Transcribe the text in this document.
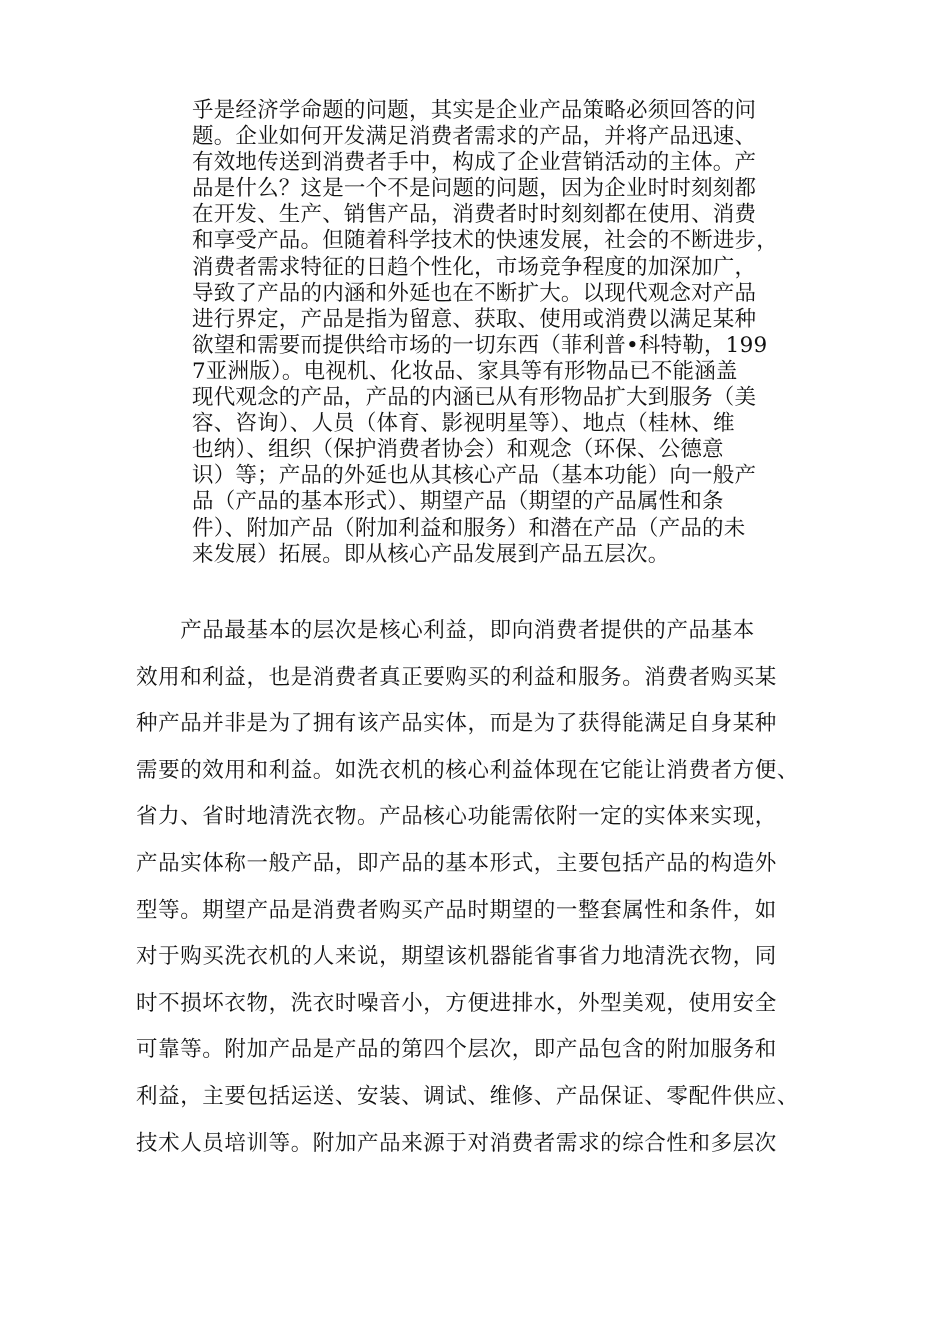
乎是经济学命题的问题，其实是企业产品策略必须回答的问
题。企业如何开发满足消费者需求的产品，并将产品迅速、
有效地传送到消费者手中，构成了企业营销活动的主体。产
品是什么？这是一个不是问题的问题，因为企业时时刻刻都
在开发、生产、销售产品，消费者时时刻刻都在使用、消费
和享受产品。但随着科学技术的快速发展，社会的不断进步，
消费者需求特征的日趋个性化，市场竞争程度的加深加广，
导致了产品的内涵和外延也在不断扩大。以现代观念对产品
进行界定，产品是指为留意、获取、使用或消费以满足某种
欲望和需要而提供给市场的一切东西（菲利普•科特勒，199
7亚洲版）。电视机、化妆品、家具等有形物品已不能涵盖
现代观念的产品，产品的内涵已从有形物品扩大到服务（美
容、咨询）、人员（体育、影视明星等）、地点（桂林、维
也纳）、组织（保护消费者协会）和观念（环保、公德意
识）等；产品的外延也从其核心产品（基本功能）向一般产
品（产品的基本形式）、期望产品（期望的产品属性和条
件）、附加产品（附加利益和服务）和潜在产品（产品的未
来发展）拓展。即从核心产品发展到产品五层次。
　　产品最基本的层次是核心利益，即向消费者提供的产品基本
效用和利益，也是消费者真正要购买的利益和服务。消费者购买某
种产品并非是为了拥有该产品实体，而是为了获得能满足自身某种
需要的效用和利益。如洗衣机的核心利益体现在它能让消费者方便、
省力、省时地清洗衣物。产品核心功能需依附一定的实体来实现，
产品实体称一般产品，即产品的基本形式，主要包括产品的构造外
型等。期望产品是消费者购买产品时期望的一整套属性和条件，如
对于购买洗衣机的人来说，期望该机器能省事省力地清洗衣物，同
时不损坏衣物，洗衣时噪音小，方便进排水，外型美观，使用安全
可靠等。附加产品是产品的第四个层次，即产品包含的附加服务和
利益，主要包括运送、安装、调试、维修、产品保证、零配件供应、
技术人员培训等。附加产品来源于对消费者需求的综合性和多层次
